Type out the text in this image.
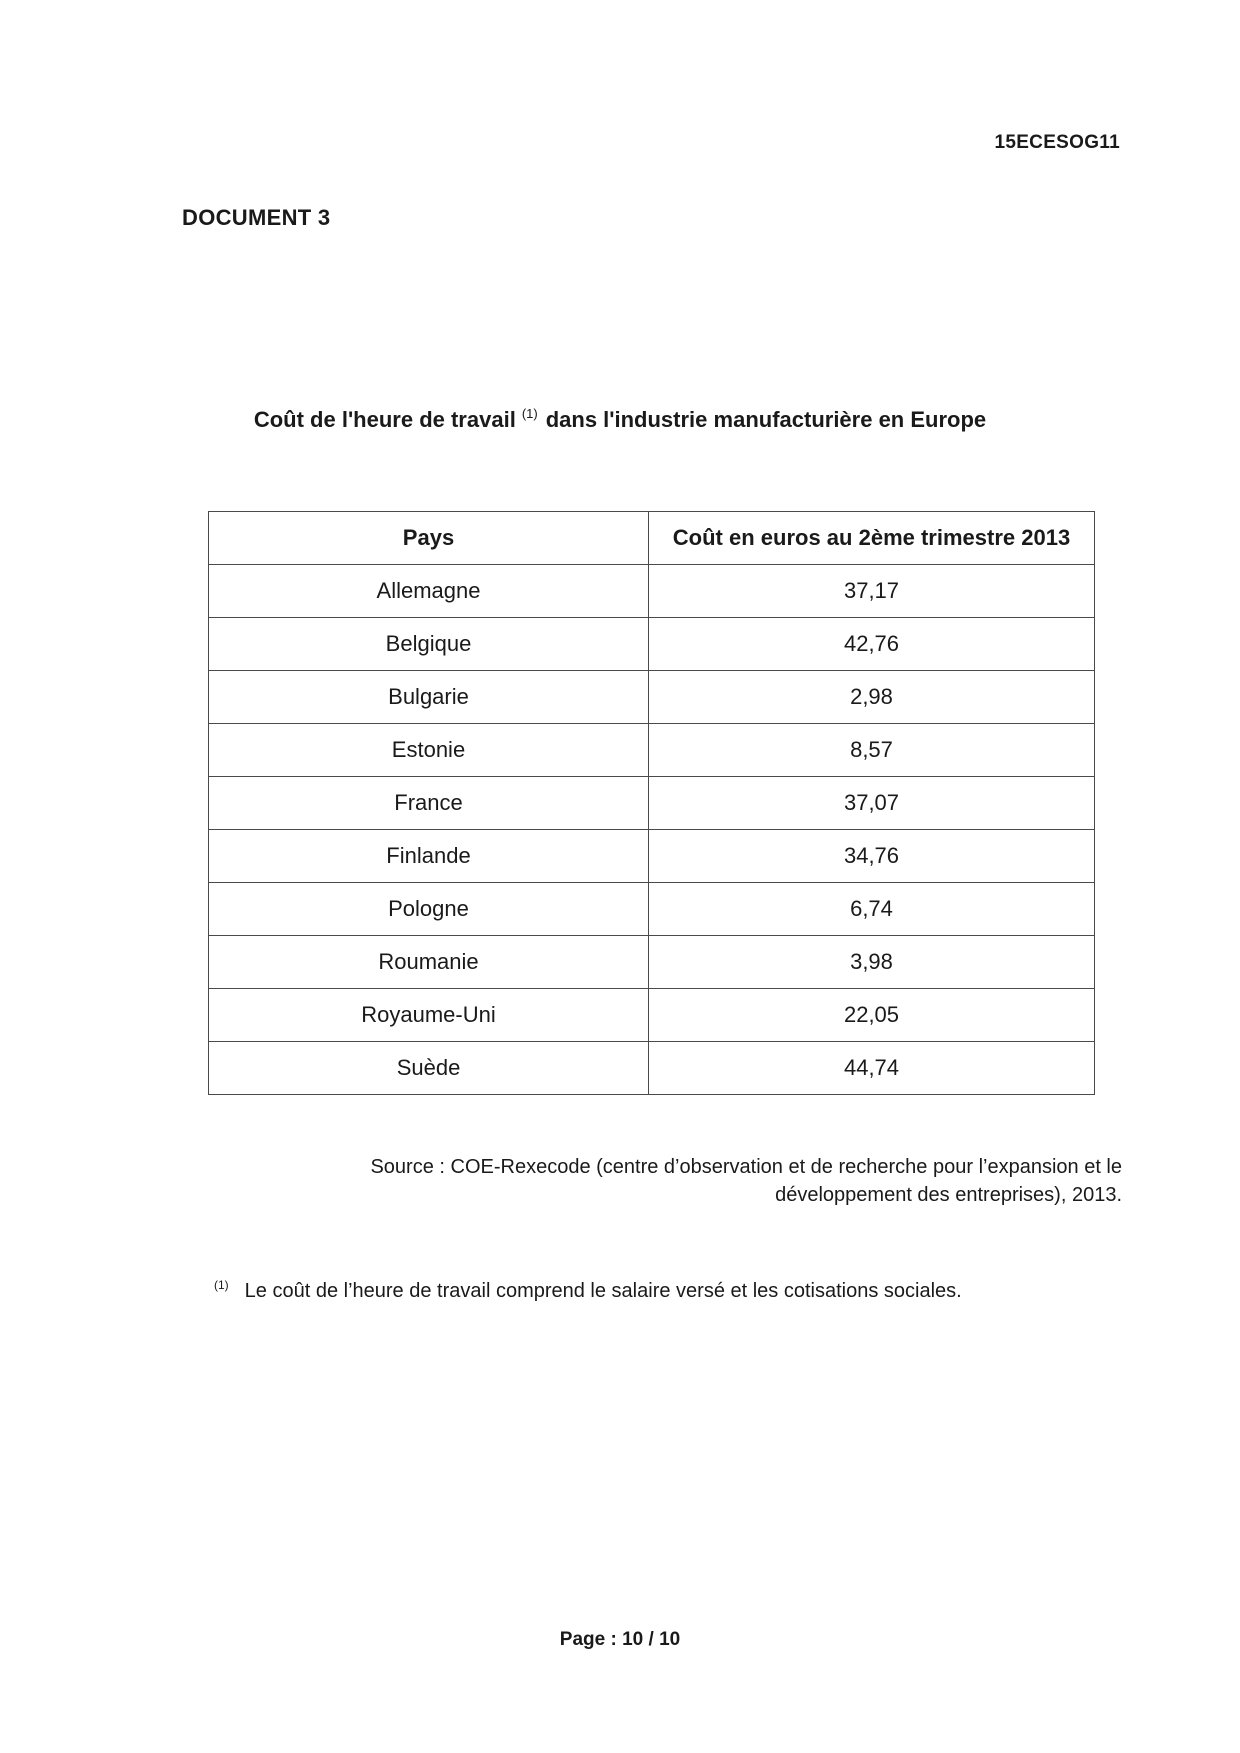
15ECESOG11
DOCUMENT 3
Coût de l'heure de travail $^{(1)}$ dans l'industrie manufacturière en Europe
Pays	Coût en euros au 2ème trimestre 2013
Allemagne	37,17
Belgique	42,76
Bulgarie	2,98
Estonie	8,57
France	37,07
Finlande	34,76
Pologne	6,74
Roumanie	3,98
Royaume-Uni	22,05
Suède	44,74
Source : COE-Rexecode (centre d’observation et de recherche pour l’expansion et le
développement des entreprises), 2013.
$^{(1)}$ Le coût de l’heure de travail comprend le salaire versé et les cotisations sociales.
Page : 10 / 10
